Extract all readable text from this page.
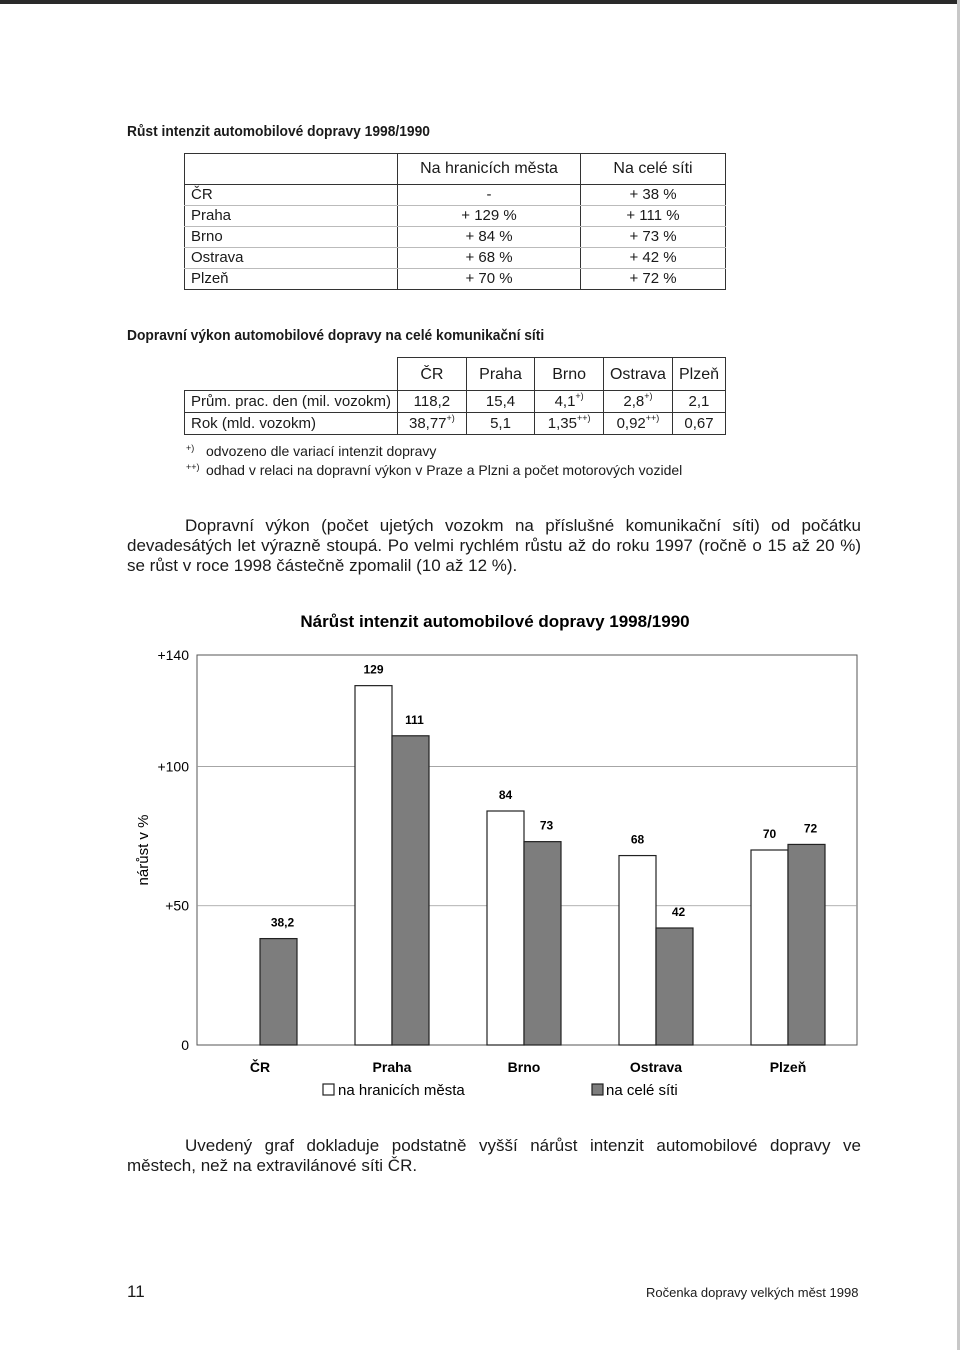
Růst intenzit automobilové dopravy 1998/1990
	Na hranicích města	Na celé síti
ČR	-	+ 38 %
Praha	+ 129 %	+ 111 %
Brno	+ 84 %	+ 73 %
Ostrava	+ 68 %	+ 42 %
Plzeň	+ 70 %	+ 72 %
Dopravní výkon automobilové dopravy na celé komunikační síti
	ČR	Praha	Brno	Ostrava	Plzeň
Prům. prac. den (mil. vozokm)	118,2	15,4	4,1+)	2,8+)	2,1
Rok (mld. vozokm)	38,77+)	5,1	1,35++)	0,92++)	0,67
+) odvozeno dle variací intenzit dopravy
++) odhad v relaci na dopravní výkon v Praze a Plzni a počet motorových vozidel

Dopravní výkon (počet ujetých vozokm na příslušné komunikační síti) od počátku devadesátých let výrazně stoupá. Po velmi rychlém růstu až do roku 1997 (ročně o 15 až 20 %) se růst v roce 1998 částečně zpomalil (10 až 12 %).

Nárůst intenzit automobilové dopravy 1998/1990
0
+50
+100
+140
nárůst v %
38,2
ČR
129
111
Praha
84
73
Brno
68
42
Ostrava
70 72
Plzeň
na hranicích města	na celé síti

Uvedený graf dokladuje podstatně vyšší nárůst intenzit automobilové dopravy ve městech, než na extravilánové síti ČR.

11	Ročenka dopravy velkých měst 1998
